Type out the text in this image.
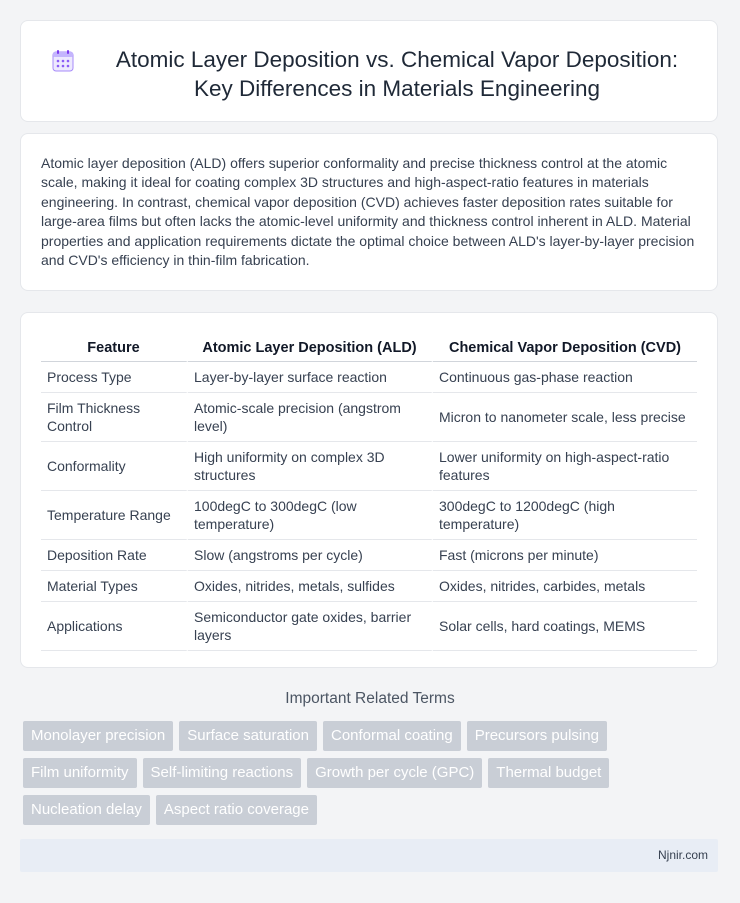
Atomic Layer Deposition vs. Chemical Vapor Deposition: Key Differences in Materials Engineering
Atomic layer deposition (ALD) offers superior conformality and precise thickness control at the atomic scale, making it ideal for coating complex 3D structures and high-aspect-ratio features in materials engineering. In contrast, chemical vapor deposition (CVD) achieves faster deposition rates suitable for large-area films but often lacks the atomic-level uniformity and thickness control inherent in ALD. Material properties and application requirements dictate the optimal choice between ALD's layer-by-layer precision and CVD's efficiency in thin-film fabrication.
Feature	Atomic Layer Deposition (ALD)	Chemical Vapor Deposition (CVD)
Process Type	Layer-by-layer surface reaction	Continuous gas-phase reaction
Film Thickness Control	Atomic-scale precision (angstrom level)	Micron to nanometer scale, less precise
Conformality	High uniformity on complex 3D structures	Lower uniformity on high-aspect-ratio features
Temperature Range	100degC to 300degC (low temperature)	300degC to 1200degC (high temperature)
Deposition Rate	Slow (angstroms per cycle)	Fast (microns per minute)
Material Types	Oxides, nitrides, metals, sulfides	Oxides, nitrides, carbides, metals
Applications	Semiconductor gate oxides, barrier layers	Solar cells, hard coatings, MEMS
Important Related Terms
Monolayer precision	Surface saturation	Conformal coating	Precursors pulsing
Film uniformity	Self-limiting reactions	Growth per cycle (GPC)	Thermal budget
Nucleation delay	Aspect ratio coverage
Njnir.com
